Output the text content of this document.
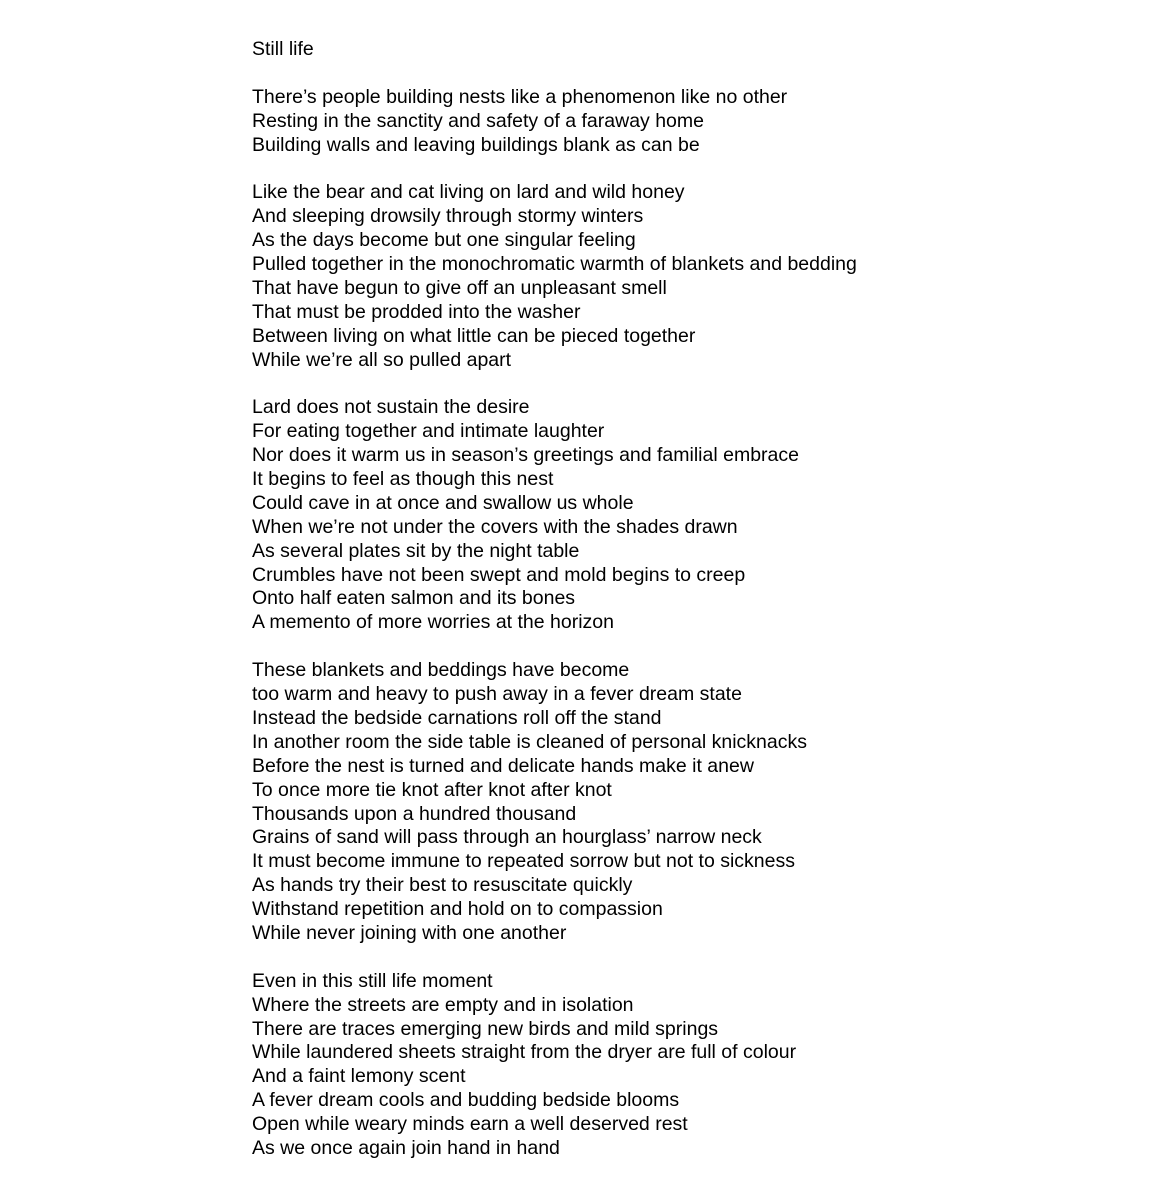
Still life
There’s people building nests like a phenomenon like no other
Resting in the sanctity and safety of a faraway home
Building walls and leaving buildings blank as can be
Like the bear and cat living on lard and wild honey
And sleeping drowsily through stormy winters
As the days become but one singular feeling
Pulled together in the monochromatic warmth of blankets and bedding
That have begun to give off an unpleasant smell
That must be prodded into the washer
Between living on what little can be pieced together
While we’re all so pulled apart
Lard does not sustain the desire
For eating together and intimate laughter
Nor does it warm us in season’s greetings and familial embrace
It begins to feel as though this nest
Could cave in at once and swallow us whole
When we’re not under the covers with the shades drawn
As several plates sit by the night table
Crumbles have not been swept and mold begins to creep
Onto half eaten salmon and its bones
A memento of more worries at the horizon
These blankets and beddings have become
too warm and heavy to push away in a fever dream state
Instead the bedside carnations roll off the stand
In another room the side table is cleaned of personal knicknacks
Before the nest is turned and delicate hands make it anew
To once more tie knot after knot after knot
Thousands upon a hundred thousand
Grains of sand will pass through an hourglass’ narrow neck
It must become immune to repeated sorrow but not to sickness
As hands try their best to resuscitate quickly
Withstand repetition and hold on to compassion
While never joining with one another
Even in this still life moment
Where the streets are empty and in isolation
There are traces emerging new birds and mild springs
While laundered sheets straight from the dryer are full of colour
And a faint lemony scent
A fever dream cools and budding bedside blooms
Open while weary minds earn a well deserved rest
As we once again join hand in hand
